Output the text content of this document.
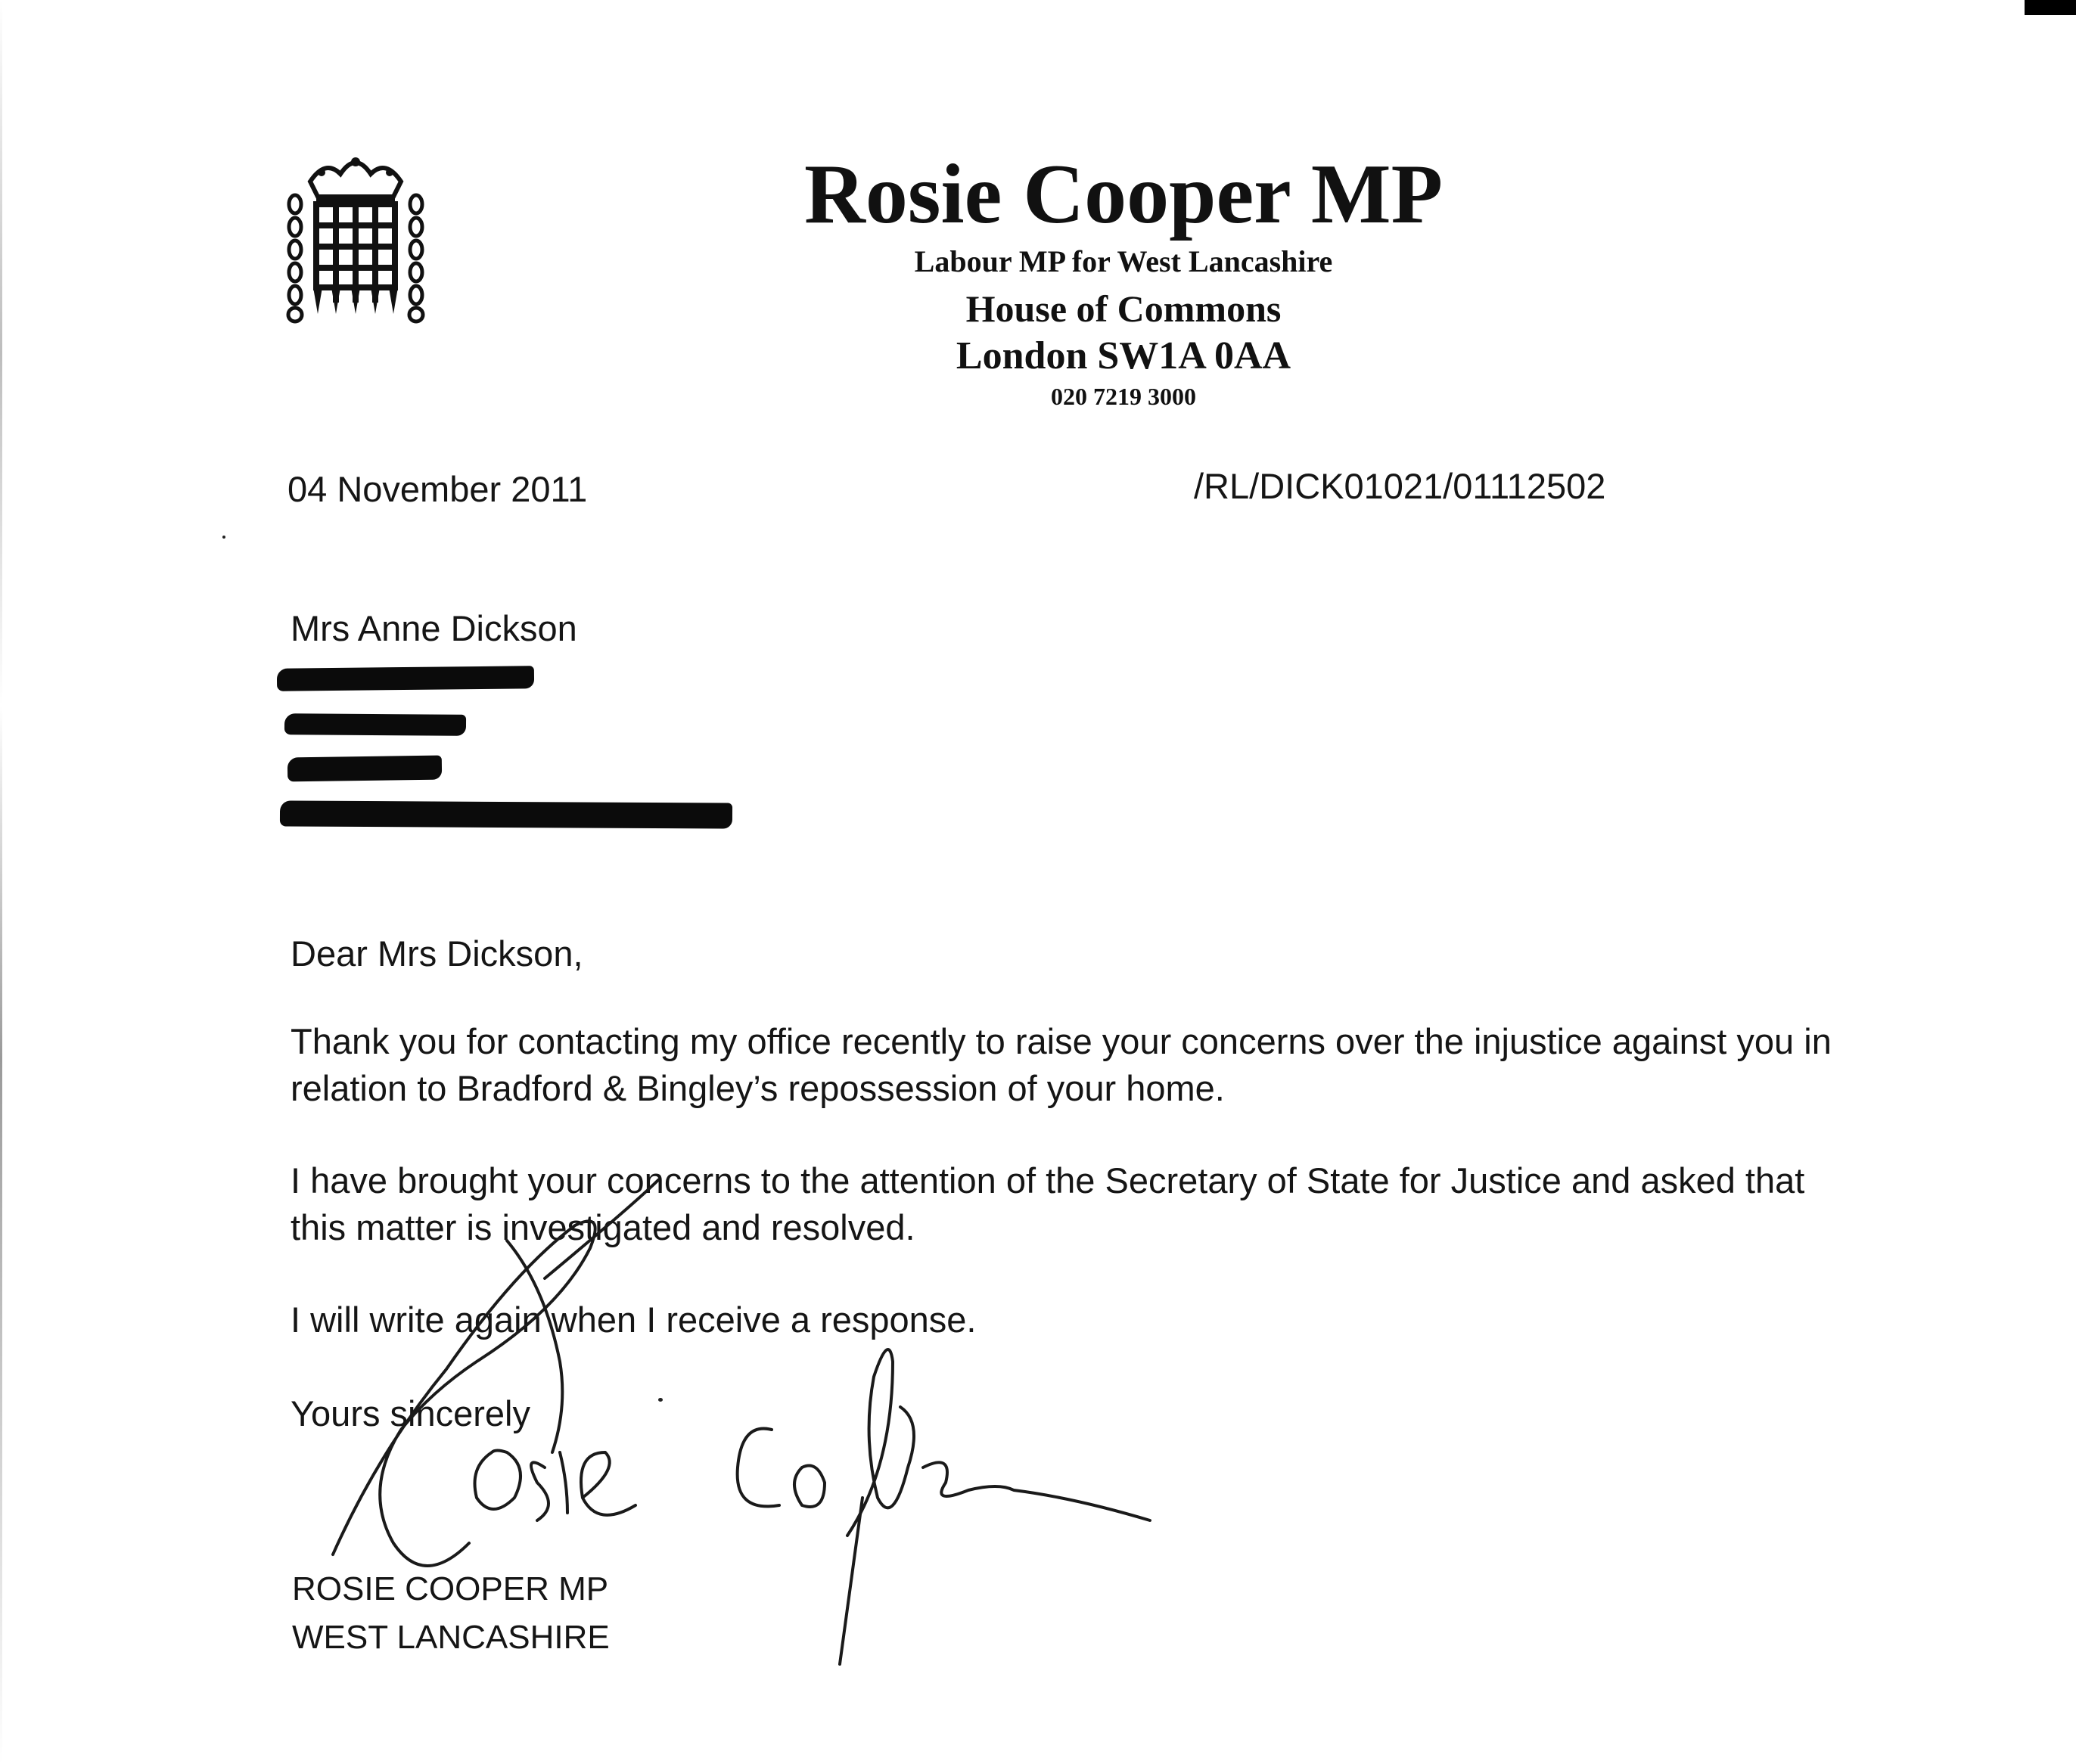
Rosie Cooper MP
Labour MP for West Lancashire
House of Commons
London SW1A 0AA
020 7219 3000
04 November 2011	/RL/DICK01021/01112502
Mrs Anne Dickson
Dear Mrs Dickson,
Thank you for contacting my office recently to raise your concerns over the injustice against you in
relation to Bradford & Bingley’s repossession of your home.
I have brought your concerns to the attention of the Secretary of State for Justice and asked that
this matter is investigated and resolved.
I will write again when I receive a response.
Yours sincerely
ROSIE COOPER MP
WEST LANCASHIRE
